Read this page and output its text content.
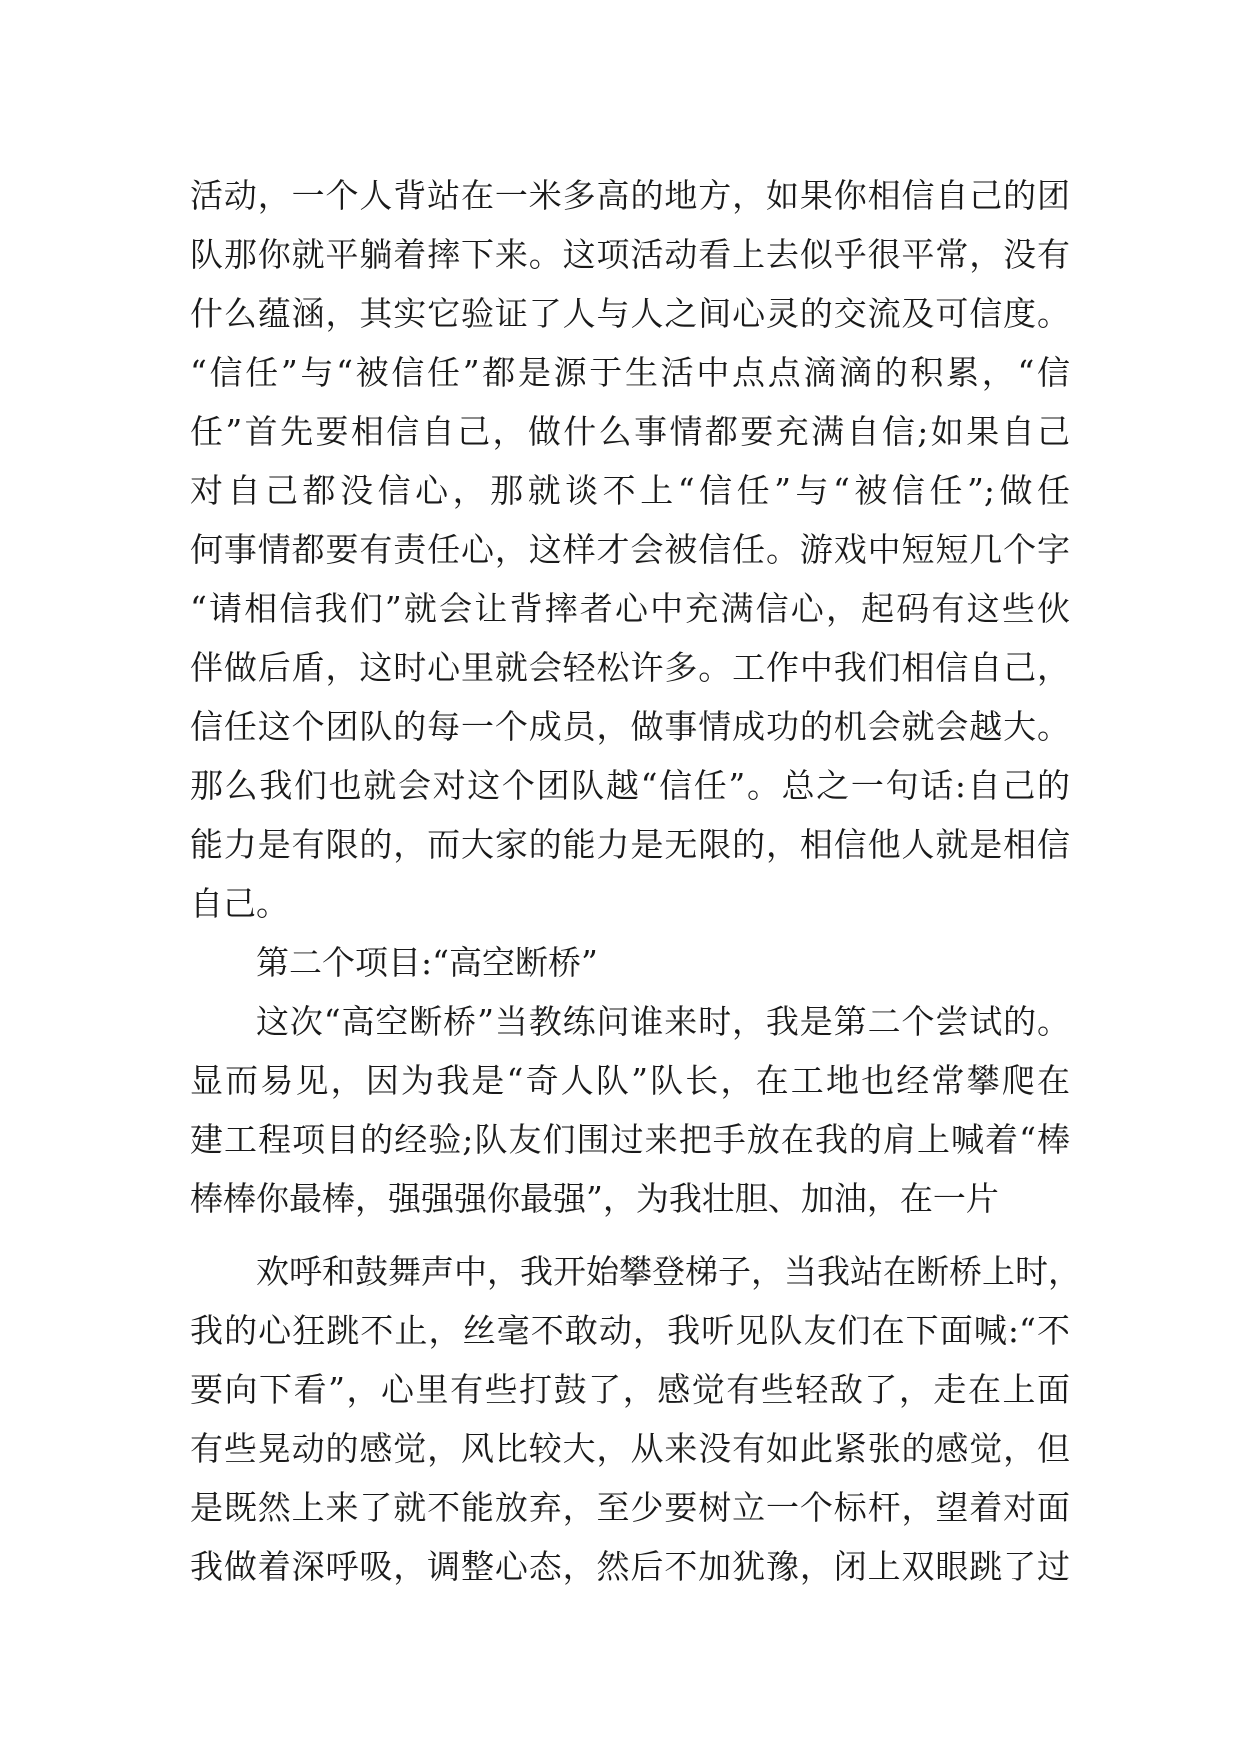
活动，一个人背站在一米多高的地方，如果你相信自己的团
队那你就平躺着摔下来。这项活动看上去似乎很平常，没有
什么蕴涵，其实它验证了人与人之间心灵的交流及可信度。
“信任”与“被信任”都是源于生活中点点滴滴的积累，“信
任”首先要相信自己，做什么事情都要充满自信;如果自己
对自己都没信心，那就谈不上“信任”与“被信任”;做任
何事情都要有责任心，这样才会被信任。游戏中短短几个字
“请相信我们”就会让背摔者心中充满信心，起码有这些伙
伴做后盾，这时心里就会轻松许多。工作中我们相信自己，
信任这个团队的每一个成员，做事情成功的机会就会越大。
那么我们也就会对这个团队越“信任”。总之一句话:自己的
能力是有限的，而大家的能力是无限的，相信他人就是相信
自己。
第二个项目:“高空断桥”
这次“高空断桥”当教练问谁来时，我是第二个尝试的。
显而易见，因为我是“奇人队”队长，在工地也经常攀爬在
建工程项目的经验;队友们围过来把手放在我的肩上喊着“棒
棒棒你最棒，强强强你最强”，为我壮胆、加油，在一片
欢呼和鼓舞声中，我开始攀登梯子，当我站在断桥上时，
我的心狂跳不止，丝毫不敢动，我听见队友们在下面喊:“不
要向下看”，心里有些打鼓了，感觉有些轻敌了，走在上面
有些晃动的感觉，风比较大，从来没有如此紧张的感觉，但
是既然上来了就不能放弃，至少要树立一个标杆，望着对面
我做着深呼吸，调整心态，然后不加犹豫，闭上双眼跳了过
